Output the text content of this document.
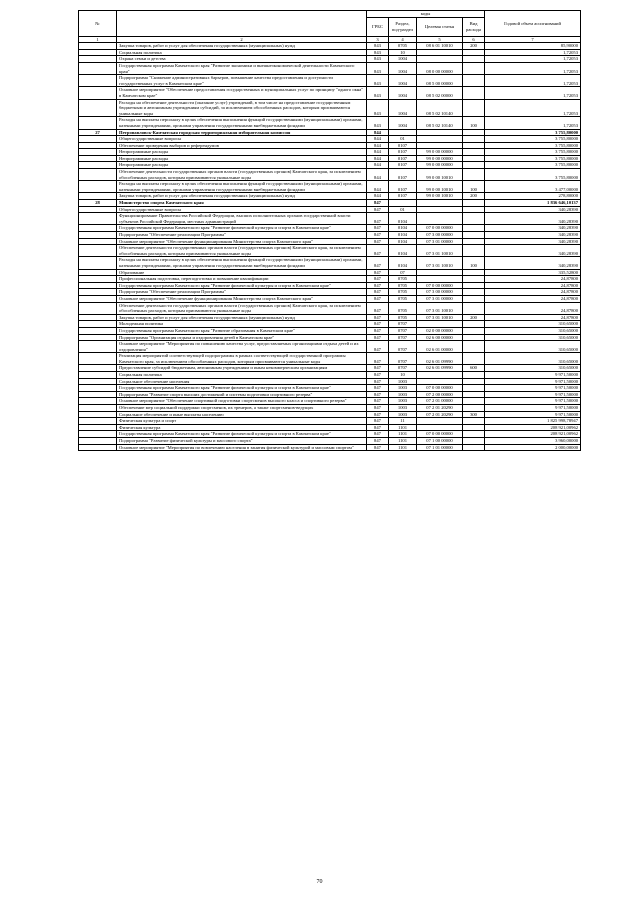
№		коды				Годовой объем ассигнований
		ГРБС	Раздел, под-раздел	Целевая статья	Вид расхода	
1	2	3	4	5	6	7
	Закупка товаров, работ и услуг для обеспечения государственных (муниципальных) нужд	843	0705	08 6 01 10010	200	85,90000
	Социальная политика	843	10			1,72053
	Охрана семьи и детства	843	1004			1,72053
	Государственная программа Камчатского края "Развитие экономики и внешнеэкономической деятельности Камчатского края"	843	1004	08 0 00 00000		1,72053
	Подпрограмма "Снижение административных барьеров, повышение качества предоставления и доступности государственных услуг в Камчатском крае"	843	1004	08 5 00 00000		1,72053
	Основное мероприятие "Обеспечение предоставления государственных и муниципальных услуг по принципу "одного окна" в Камчатском крае"	843	1004	08 5 02 00000		1,72053
	Расходы на обеспечение деятельности (оказание услуг) учреждений, в том числе на предоставление государственным бюджетным и автономным учреждениям субсидий, за исключением обособленных расходов, которым присваиваются уникальные коды	843	1004	08 5 02 10140		1,72053
	Расходы на выплаты персоналу в целях обеспечения выполнения функций государственными (муниципальными) органами, казенными учреждениями, органами управления государственными внебюджетными фондами	843	1004	08 5 02 10140	100	1,72053
27	Петропавловск-Камчатская городская территориальная избирательная комиссия	844				3 755,80000
	Общегосударственные вопросы	844	01			3 755,80000
	Обеспечение проведения выборов и референдумов	844	0107			3 755,80000
	Непрограммные расходы	844	0107	99 0 00 00000		3 755,80000
	Непрограммные расходы	844	0107	99 0 00 00000		3 755,80000
	Непрограммные расходы	844	0107	99 0 00 00000		3 755,80000
	Обеспечение деятельности государственных органов власти (государственных органов) Камчатского края, за исключением обособленных расходов, которым присваиваются уникальные коды	844	0107	99 0 00 10010		3 755,80000
	Расходы на выплаты персоналу в целях обеспечения выполнения функций государственными (муниципальными) органами, казенными учреждениями, органами управления государственными внебюджетными фондами	844	0107	99 0 00 10010	100	3 477,00000
	Закупка товаров, работ и услуг для обеспечения государственных (муниципальных) нужд	844	0107	99 0 00 10010	200	278,80000
28	Министерство спорта Камчатского края	847				1 836 646,10137
	Общегосударственные вопросы	847	01			340,28390
	Функционирование Правительства Российской Федерации, высших исполнительных органов государственной власти субъектов Российской Федерации, местных администраций	847	0104			340,28390
	Государственная программа Камчатского края "Развитие физической культуры и спорта в Камчатском крае"	847	0104	07 0 00 00000		340,28390
	Подпрограмма "Обеспечение реализации Программы"	847	0104	07 3 00 00000		340,28390
	Основное мероприятие "Обеспечение функционирования Министерства спорта Камчатского края"	847	0104	07 3 01 00000		340,28390
	Обеспечение деятельности государственных органов власти (государственных органов) Камчатского края, за исключением обособленных расходов, которым присваиваются уникальные коды	847	0104	07 3 01 10010		340,28390
	Расходы на выплаты персоналу в целях обеспечения выполнения функций государственными (муниципальными) органами, казенными учреждениями, органами управления государственными внебюджетными фондами	847	0104	07 3 01 10010	100	340,28390
	Образование	847	07			335,52800
	Профессиональная подготовка, переподготовка и повышение квалификации	847	0705			24,87800
	Государственная программа Камчатского края "Развитие физической культуры и спорта в Камчатском крае"	847	0705	07 0 00 00000		24,87800
	Подпрограмма "Обеспечение реализации Программы"	847	0705	07 3 00 00000		24,87800
	Основное мероприятие "Обеспечение функционирования Министерства спорта Камчатского края"	847	0705	07 3 01 00000		24,87800
	Обеспечение деятельности государственных органов власти (государственных органов) Камчатского края, за исключением обособленных расходов, которым присваиваются уникальные коды	847	0705	07 3 01 10010		24,87800
	Закупка товаров, работ и услуг для обеспечения государственных (муниципальных) нужд	847	0705	07 3 01 10010	200	24,87800
	Молодежная политика	847	0707			310,65000
	Государственная программа Камчатского края "Развитие образования в Камчатском крае"	847	0707	02 0 00 00000		310,65000
	Подпрограмма "Организация отдыха и оздоровления детей в Камчатском крае"	847	0707	02 6 00 00000		310,65000
	Основное мероприятие "Мероприятия по повышению качества услуг, предоставляемых организациями отдыха детей и их оздоровления"	847	0707	02 6 01 00000		310,65000
	Реализация мероприятий соответствующей подпрограммы в рамках соответствующей государственной программы Камчатского края, за исключением обособленных расходов, которым присваиваются уникальные коды	847	0707	02 6 01 09990		310,65000
	Предоставление субсидий бюджетным, автономным учреждениям и иным некоммерческим организациям	847	0707	02 6 01 09990	600	310,65000
	Социальная политика	847	10			9 971,50000
	Социальное обеспечение населения	847	1003			9 971,50000
	Государственная программа Камчатского края "Развитие физической культуры и спорта в Камчатском крае"	847	1003	07 0 00 00000		9 971,50000
	Подпрограмма "Развитие спорта высших достижений и системы подготовки спортивного резерва"	847	1003	07 2 00 00000		9 971,50000
	Основное мероприятие "Обеспечение спортивной подготовки спортсменов высокого класса и спортивного резерва"	847	1003	07 2 01 00000		9 971,50000
	Обеспечение мер социальной поддержки спортсменов, их тренеров, а также спортсменов-ведущих	847	1003	07 2 01 20290		9 971,50000
	Социальное обеспечение и иные выплаты населению	847	1003	07 2 01 20290	300	9 971,50000
	Физическая культура и спорт	847	11			1 825 998,78947
	Физическая культура	847	1101			208 921,00962
	Государственная программа Камчатского края "Развитие физической культуры и спорта в Камчатском крае"	847	1101	07 0 00 00000		208 921,00962
	Подпрограмма "Развитие физической культуры и массового спорта"	847	1101	07 1 00 00000		3 960,00000
	Основное мероприятие "Мероприятия по вовлечению населения в занятия физической культурой и массовым спортом"	847	1101	07 1 01 00000		2 000,00000
70
